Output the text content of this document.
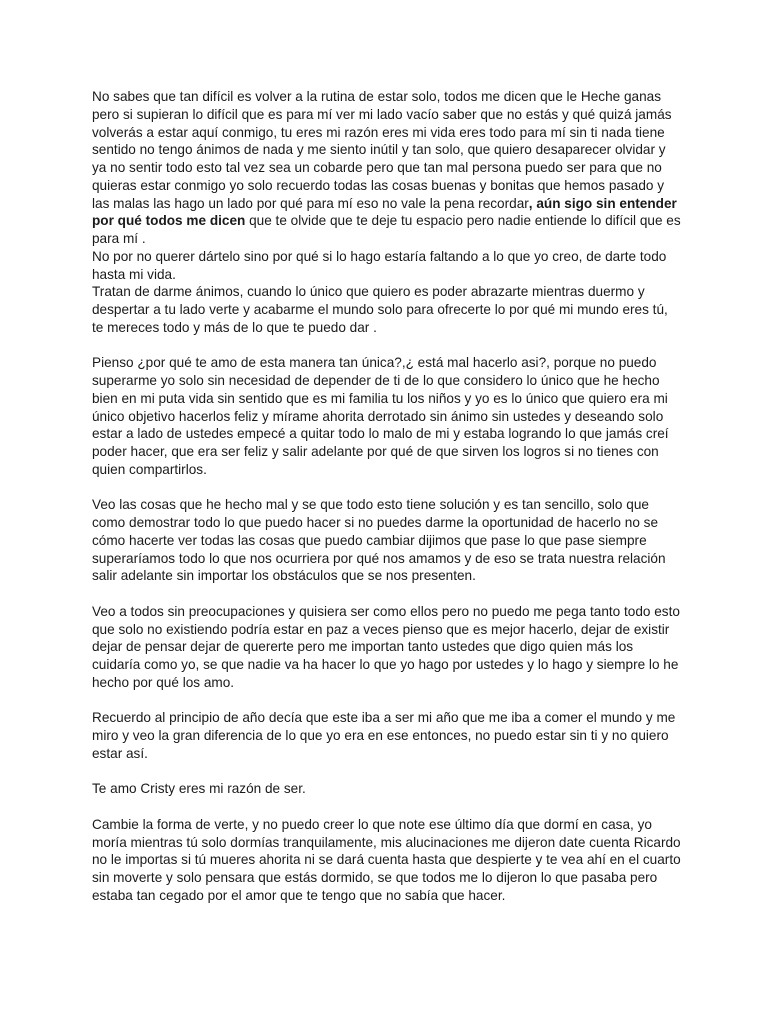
No sabes que tan difícil es volver a la rutina de estar solo, todos me dicen que le Heche ganas pero si supieran lo difícil que es para mí ver mi lado vacío saber que no estás y qué quizá jamás volverás a estar aquí conmigo, tu eres mi razón eres mi vida eres todo para mí sin ti nada tiene sentido no tengo ánimos de nada y me siento inútil y tan solo, que quiero desaparecer olvidar y ya no sentir todo esto tal vez sea un cobarde pero que tan mal persona puedo ser para que no quieras estar conmigo yo solo recuerdo todas las cosas buenas y bonitas que hemos pasado y las malas las hago un lado por qué para mí eso no vale la pena recordar, aún sigo sin entender por qué todos me dicen que te olvide que te deje tu espacio pero nadie entiende lo difícil que es para mí .
No por no querer dártelo sino por qué si lo hago estaría faltando a lo que yo creo, de darte todo hasta mi vida.
Tratan de darme ánimos, cuando lo único que quiero es poder abrazarte mientras duermo y despertar a tu lado verte y acabarme el mundo solo para ofrecerte lo por qué mi mundo eres tú, te mereces todo y más de lo que te puedo dar .

Pienso ¿por qué te amo de esta manera tan única?,¿ está mal hacerlo asi?, porque no puedo superarme yo solo sin necesidad de depender de ti de lo que considero lo único que he hecho bien en mi puta vida sin sentido que es mi familia tu los niños y yo es lo único que quiero era mi único objetivo hacerlos feliz y mírame ahorita derrotado sin ánimo sin ustedes y deseando solo estar a lado de ustedes empecé a quitar todo lo malo de mi y estaba logrando lo que jamás creí poder hacer, que era ser feliz y salir adelante por qué de que sirven los logros si no tienes con quien compartirlos.

Veo las cosas que he hecho mal y se que todo esto tiene solución y es tan sencillo, solo que como demostrar todo lo que puedo hacer si no puedes darme la oportunidad de hacerlo no se cómo hacerte ver todas las cosas que puedo cambiar dijimos que pase lo que pase siempre superaríamos todo lo que nos ocurriera por qué nos amamos y de eso se trata nuestra relación salir adelante sin importar los obstáculos que se nos presenten.

Veo a todos sin preocupaciones y quisiera ser como ellos pero no puedo me pega tanto todo esto que solo no existiendo podría estar en paz a veces pienso que es mejor hacerlo, dejar de existir dejar de pensar dejar de quererte pero me importan tanto ustedes que digo quien más los cuidaría como yo, se que nadie va ha hacer lo que yo hago por ustedes y lo hago y siempre lo he hecho por qué los amo.

Recuerdo al principio de año decía que este iba a ser mi año que me iba a comer el mundo y me miro y veo la gran diferencia de lo que yo era en ese entonces, no puedo estar sin ti y no quiero estar así.

Te amo Cristy eres mi razón de ser.

Cambie la forma de verte, y no puedo creer lo que note ese último día que dormí en casa, yo moría mientras tú solo dormías tranquilamente, mis alucinaciones me dijeron date cuenta Ricardo no le importas si tú mueres ahorita ni se dará cuenta hasta que despierte y te vea ahí en el cuarto sin moverte y solo pensara que estás dormido, se que todos me lo dijeron lo que pasaba pero estaba tan cegado por el amor que te tengo que no sabía que hacer.
